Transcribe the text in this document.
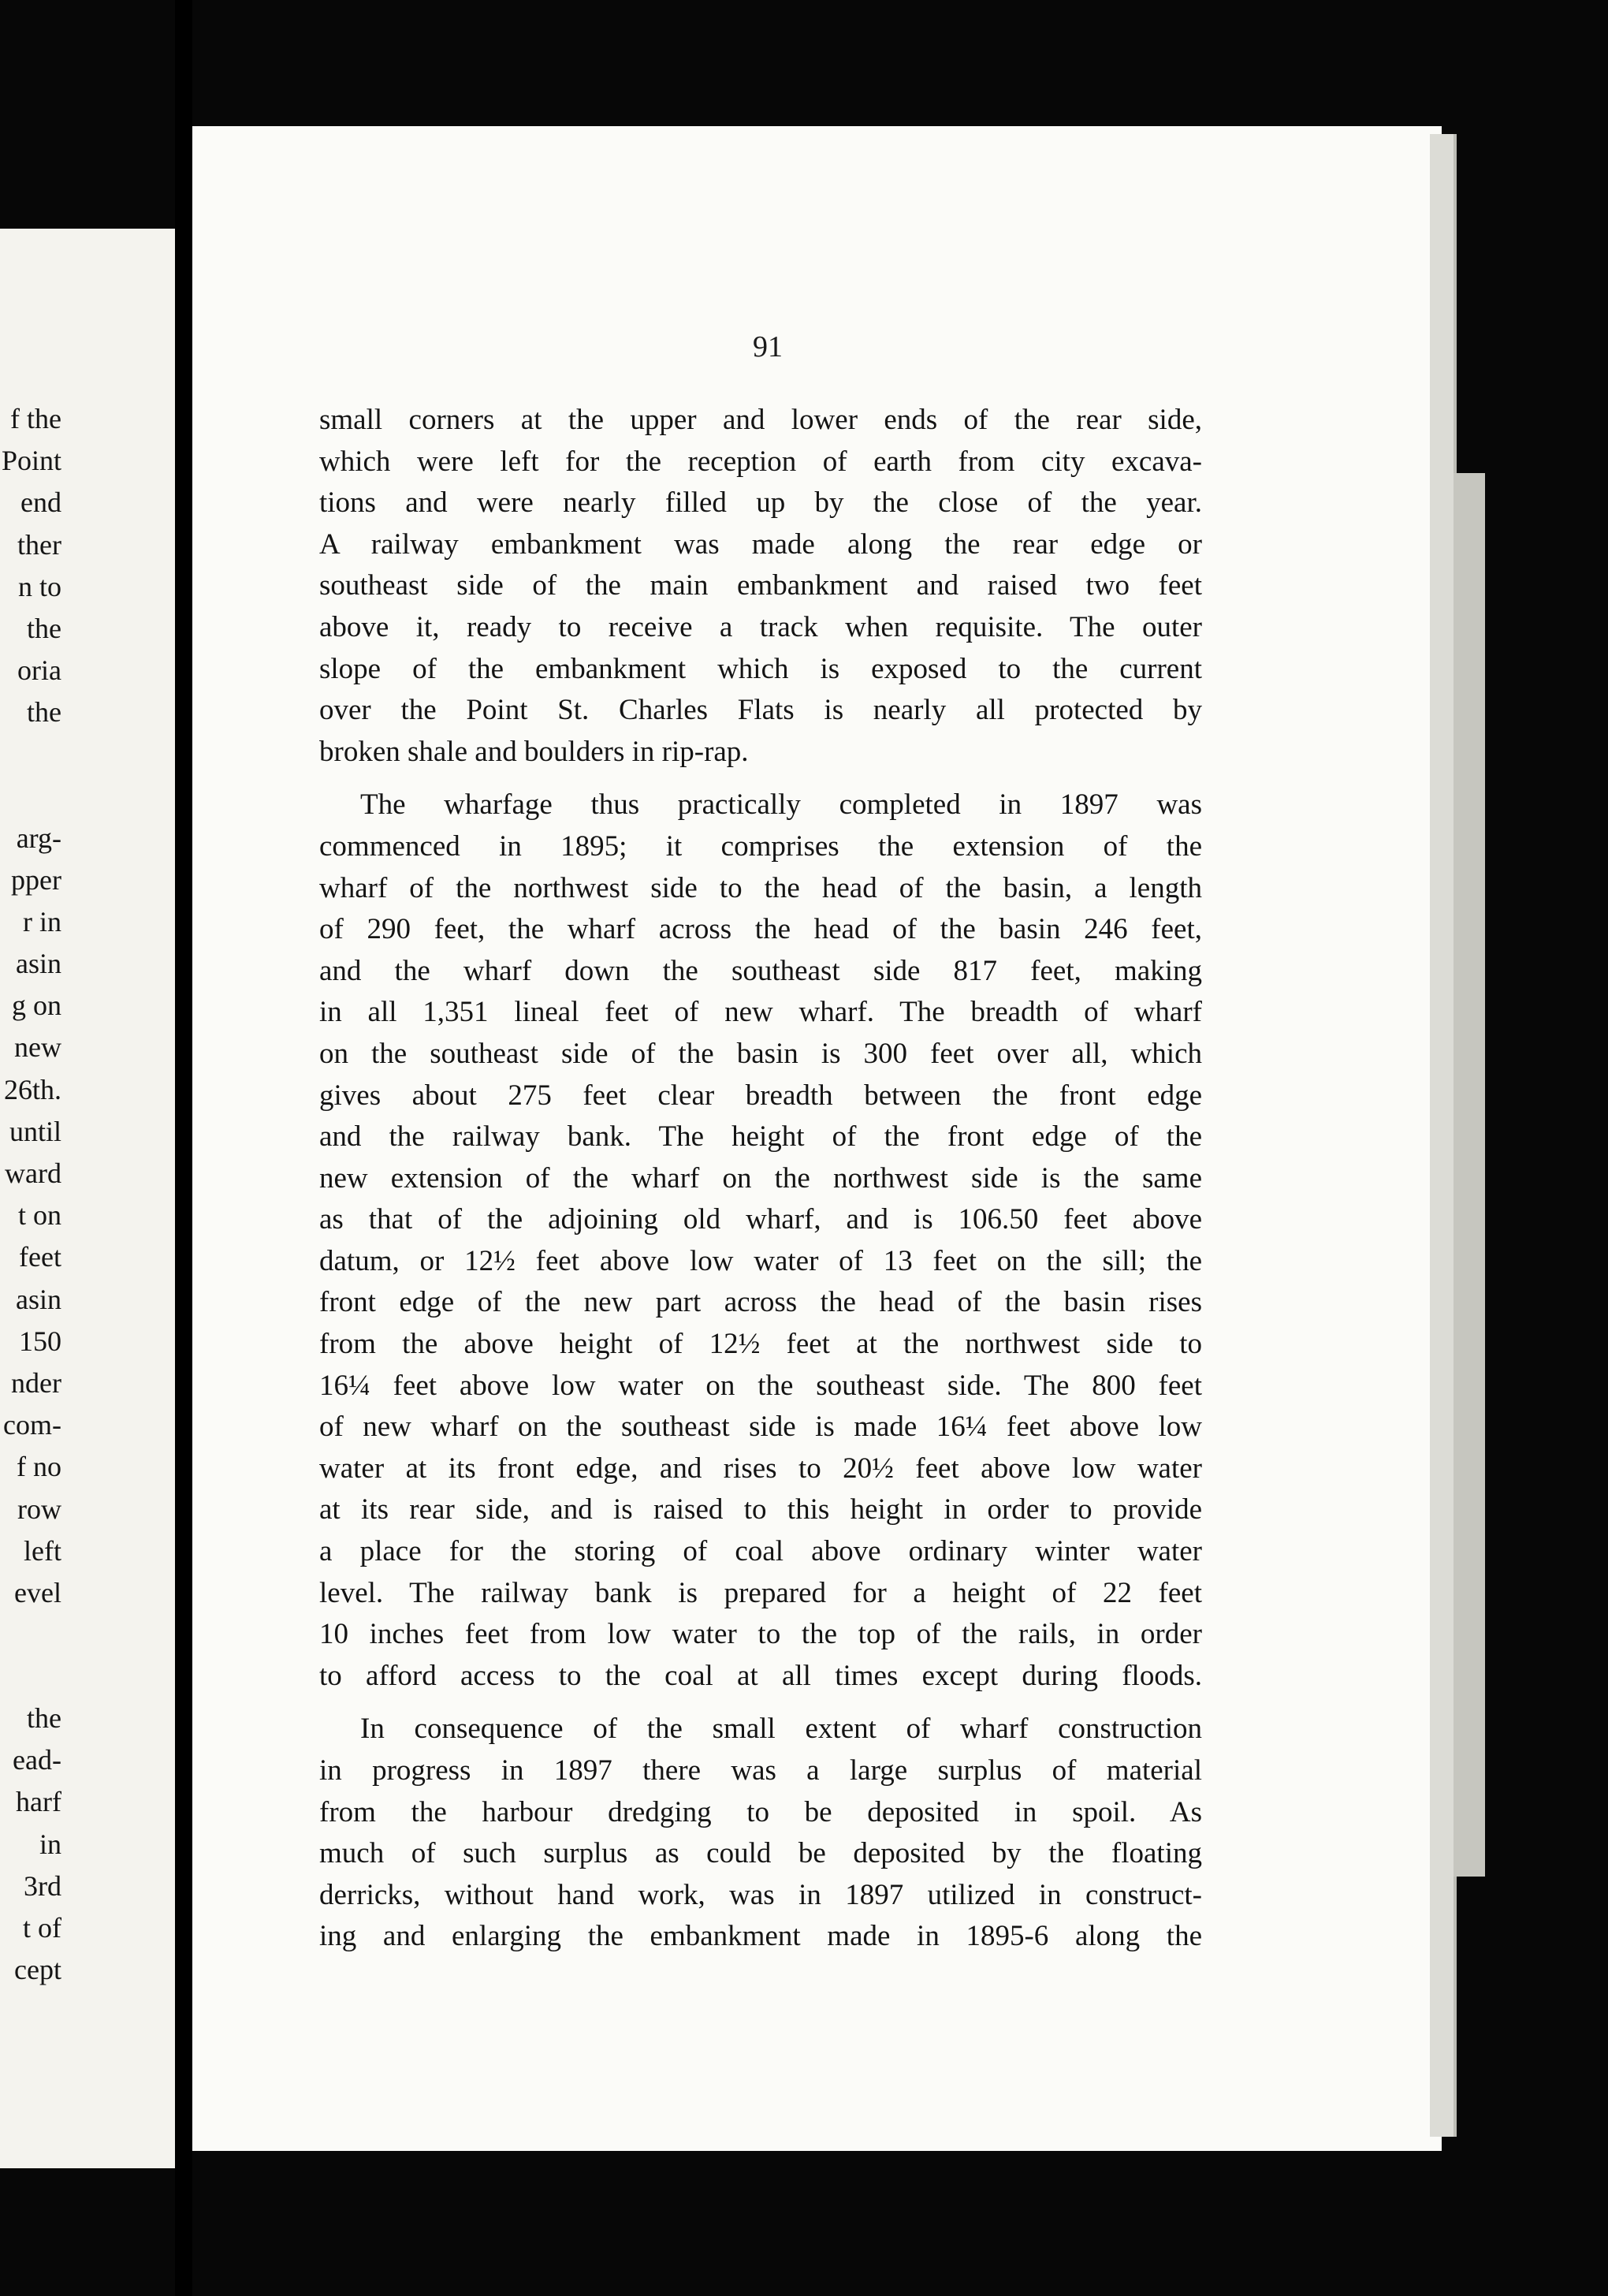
f the
Point
end
ther
n to
the
oria
the
arg-
pper
r in
asin
g on
new
26th.
until
ward
t on
feet
asin
150
nder
com-
f no
row
left
evel
the
ead-
harf
in
3rd
t of
cept
91
small corners at the upper and lower ends of the rear side,
which were left for the reception of earth from city excava-
tions and were nearly filled up by the close of the year.
A railway embankment was made along the rear edge or
southeast side of the main embankment and raised two feet
above it, ready to receive a track when requisite. The outer
slope of the embankment which is exposed to the current
over the Point St. Charles Flats is nearly all protected by
broken shale and boulders in rip-rap.
The wharfage thus practically completed in 1897 was
commenced in 1895; it comprises the extension of the
wharf of the northwest side to the head of the basin, a length
of 290 feet, the wharf across the head of the basin 246 feet,
and the wharf down the southeast side 817 feet, making
in all 1,351 lineal feet of new wharf. The breadth of wharf
on the southeast side of the basin is 300 feet over all, which
gives about 275 feet clear breadth between the front edge
and the railway bank. The height of the front edge of the
new extension of the wharf on the northwest side is the same
as that of the adjoining old wharf, and is 106.50 feet above
datum, or 12½ feet above low water of 13 feet on the sill; the
front edge of the new part across the head of the basin rises
from the above height of 12½ feet at the northwest side to
16¼ feet above low water on the southeast side. The 800 feet
of new wharf on the southeast side is made 16¼ feet above low
water at its front edge, and rises to 20½ feet above low water
at its rear side, and is raised to this height in order to provide
a place for the storing of coal above ordinary winter water
level. The railway bank is prepared for a height of 22 feet
10 inches feet from low water to the top of the rails, in order
to afford access to the coal at all times except during floods.
In consequence of the small extent of wharf construction
in progress in 1897 there was a large surplus of material
from the harbour dredging to be deposited in spoil. As
much of such surplus as could be deposited by the floating
derricks, without hand work, was in 1897 utilized in construct-
ing and enlarging the embankment made in 1895-6 along the
